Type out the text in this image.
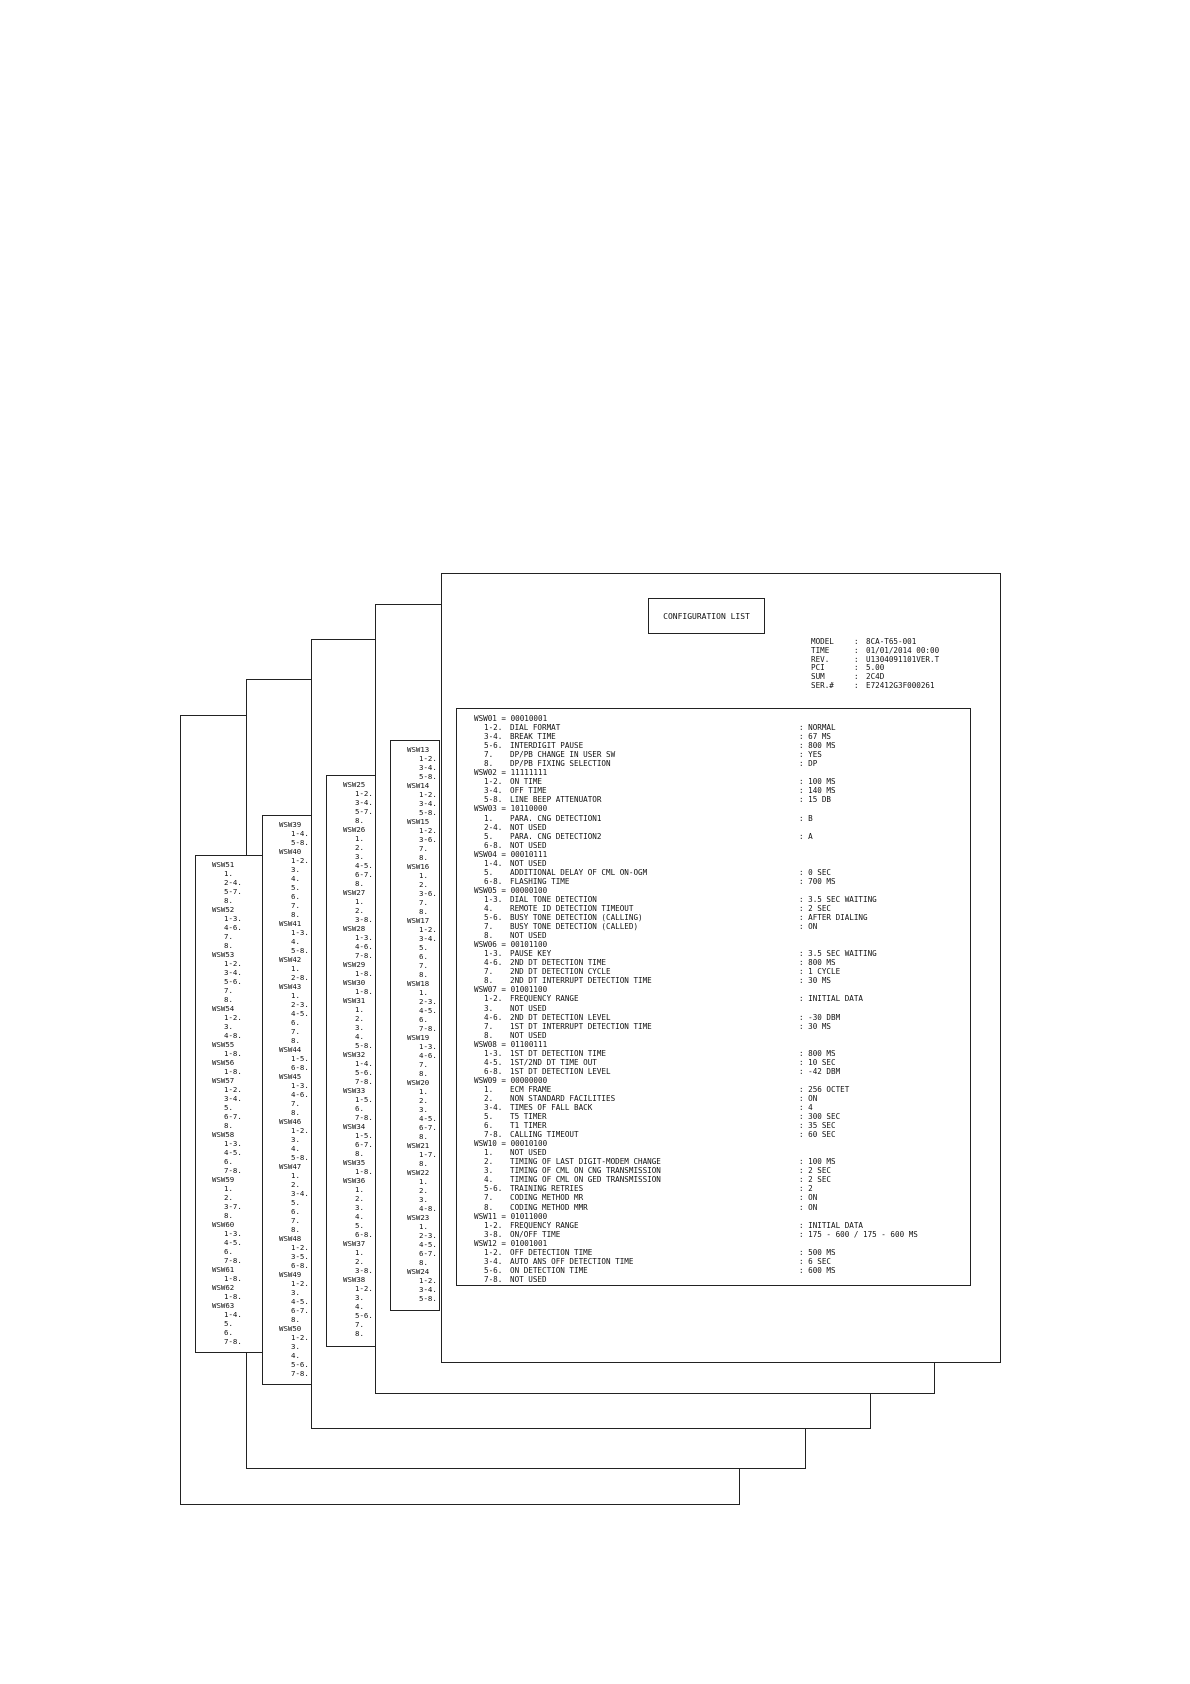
WSW51
1.
2-4.
5-7.
8.
WSW52
1-3.
4-6.
7.
8.
WSW53
1-2.
3-4.
5-6.
7.
8.
WSW54
1-2.
3.
4-8.
WSW55
1-8.
WSW56
1-8.
WSW57
1-2.
3-4.
5.
6-7.
8.
WSW58
1-3.
4-5.
6.
7-8.
WSW59
1.
2.
3-7.
8.
WSW60
1-3.
4-5.
6.
7-8.
WSW61
1-8.
WSW62
1-8.
WSW63
1-4.
5.
6.
7-8.
WSW39
1-4.
5-8.
WSW40
1-2.
3.
4.
5.
6.
7.
8.
WSW41
1-3.
4.
5-8.
WSW42
1.
2-8.
WSW43
1.
2-3.
4-5.
6.
7.
8.
WSW44
1-5.
6-8.
WSW45
1-3.
4-6.
7.
8.
WSW46
1-2.
3.
4.
5-8.
WSW47
1.
2.
3-4.
5.
6.
7.
8.
WSW48
1-2.
3-5.
6-8.
WSW49
1-2.
3.
4-5.
6-7.
8.
WSW50
1-2.
3.
4.
5-6.
7-8.
WSW25
1-2.
3-4.
5-7.
8.
WSW26
1.
2.
3.
4-5.
6-7.
8.
WSW27
1.
2.
3-8.
WSW28
1-3.
4-6.
7-8.
WSW29
1-8.
WSW30
1-8.
WSW31
1.
2.
3.
4.
5-8.
WSW32
1-4.
5-6.
7-8.
WSW33
1-5.
6.
7-8.
WSW34
1-5.
6-7.
8.
WSW35
1-8.
WSW36
1.
2.
3.
4.
5.
6-8.
WSW37
1.
2.
3-8.
WSW38
1-2.
3.
4.
5-6.
7.
8.
WSW13
1-2.
3-4.
5-8.
WSW14
1-2.
3-4.
5-8.
WSW15
1-2.
3-6.
7.
8.
WSW16
1.
2.
3-6.
7.
8.
WSW17
1-2.
3-4.
5.
6.
7.
8.
WSW18
1.
2-3.
4-5.
6.
7-8.
WSW19
1-3.
4-6.
7.
8.
WSW20
1.
2.
3.
4-5.
6-7.
8.
WSW21
1-7.
8.
WSW22
1.
2.
3.
4-8.
WSW23
1.
2-3.
4-5.
6-7.
8.
WSW24
1-2.
3-4.
5-8.
CONFIGURATION LIST
MODEL	: 8CA-T65-001
TIME	: 01/01/2014 00:00
REV.	: U1304091101VER.T
PCI	: 5.00
SUM	: 2C4D
SER.#	: E72412G3F000261
WSW01 = 00010001
1-2. DIAL FORMAT	: NORMAL
3-4. BREAK TIME	: 67 MS
5-6. INTERDIGIT PAUSE	: 800 MS
7. DP/PB CHANGE IN USER SW	: YES
8. DP/PB FIXING SELECTION	: DP
WSW02 = 11111111
1-2. ON TIME	: 100 MS
3-4. OFF TIME	: 140 MS
5-8. LINE BEEP ATTENUATOR	: 15 DB
WSW03 = 10110000
1. PARA. CNG DETECTION1	: B
2-4. NOT USED
5. PARA. CNG DETECTION2	: A
6-8. NOT USED
WSW04 = 00010111
1-4. NOT USED
5. ADDITIONAL DELAY OF CML ON-OGM	: 0 SEC
6-8. FLASHING TIME	: 700 MS
WSW05 = 00000100
1-3. DIAL TONE DETECTION	: 3.5 SEC WAITING
4. REMOTE ID DETECTION TIMEOUT	: 2 SEC
5-6. BUSY TONE DETECTION (CALLING)	: AFTER DIALING
7. BUSY TONE DETECTION (CALLED)	: ON
8. NOT USED
WSW06 = 00101100
1-3. PAUSE KEY	: 3.5 SEC WAITING
4-6. 2ND DT DETECTION TIME	: 800 MS
7. 2ND DT DETECTION CYCLE	: 1 CYCLE
8. 2ND DT INTERRUPT DETECTION TIME	: 30 MS
WSW07 = 01001100
1-2. FREQUENCY RANGE	: INITIAL DATA
3. NOT USED
4-6. 2ND DT DETECTION LEVEL	: -30 DBM
7. 1ST DT INTERRUPT DETECTION TIME	: 30 MS
8. NOT USED
WSW08 = 01100111
1-3. 1ST DT DETECTION TIME	: 800 MS
4-5. 1ST/2ND DT TIME OUT	: 10 SEC
6-8. 1ST DT DETECTION LEVEL	: -42 DBM
WSW09 = 00000000
1. ECM FRAME	: 256 OCTET
2. NON STANDARD FACILITIES	: ON
3-4. TIMES OF FALL BACK	: 4
5. T5 TIMER	: 300 SEC
6. T1 TIMER	: 35 SEC
7-8. CALLING TIMEOUT	: 60 SEC
WSW10 = 00010100
1. NOT USED
2. TIMING OF LAST DIGIT-MODEM CHANGE	: 100 MS
3. TIMING OF CML ON CNG TRANSMISSION	: 2 SEC
4. TIMING OF CML ON GED TRANSMISSION	: 2 SEC
5-6. TRAINING RETRIES	: 2
7. CODING METHOD MR	: ON
8. CODING METHOD MMR	: ON
WSW11 = 01011000
1-2. FREQUENCY RANGE	: INITIAL DATA
3-8. ON/OFF TIME	: 175 - 600 / 175 - 600 MS
WSW12 = 01001001
1-2. OFF DETECTION TIME	: 500 MS
3-4. AUTO ANS OFF DETECTION TIME	: 6 SEC
5-6. ON DETECTION TIME	: 600 MS
7-8. NOT USED
